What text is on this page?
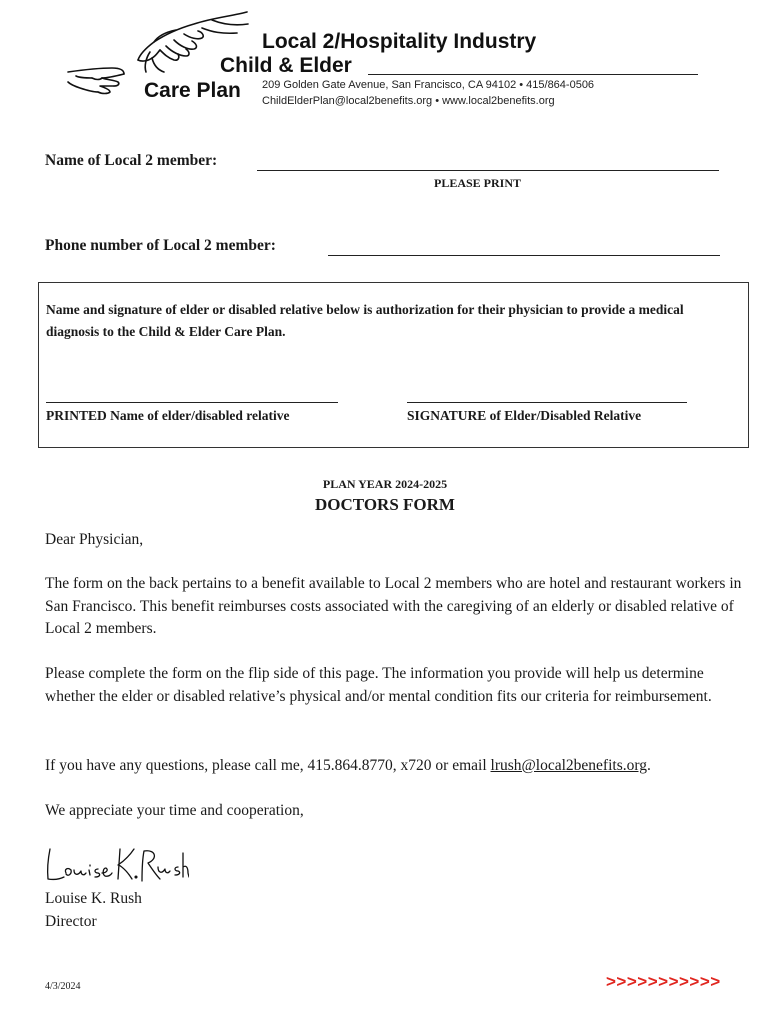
Local 2/Hospitality Industry
Child & Elder
Care Plan 209 Golden Gate Avenue, San Francisco, CA 94102 • 415/864-0506
ChildElderPlan@local2benefits.org • www.local2benefits.org
Name of Local 2 member:
PLEASE PRINT
Phone number of Local 2 member:
Name and signature of elder or disabled relative below is authorization for their physician to provide a medical diagnosis to the Child & Elder Care Plan.
PRINTED Name of elder/disabled relative	SIGNATURE of Elder/Disabled Relative
PLAN YEAR 2024-2025
DOCTORS FORM
Dear Physician,
The form on the back pertains to a benefit available to Local 2 members who are hotel and restaurant workers in San Francisco. This benefit reimburses costs associated with the caregiving of an elderly or disabled relative of Local 2 members.
Please complete the form on the flip side of this page. The information you provide will help us determine whether the elder or disabled relative’s physical and/or mental condition fits our criteria for reimbursement.
If you have any questions, please call me, 415.864.8770, x720 or email lrush@local2benefits.org.
We appreciate your time and cooperation,
Louise K. Rush
Director
4/3/2024	>>>>>>>>>>>
